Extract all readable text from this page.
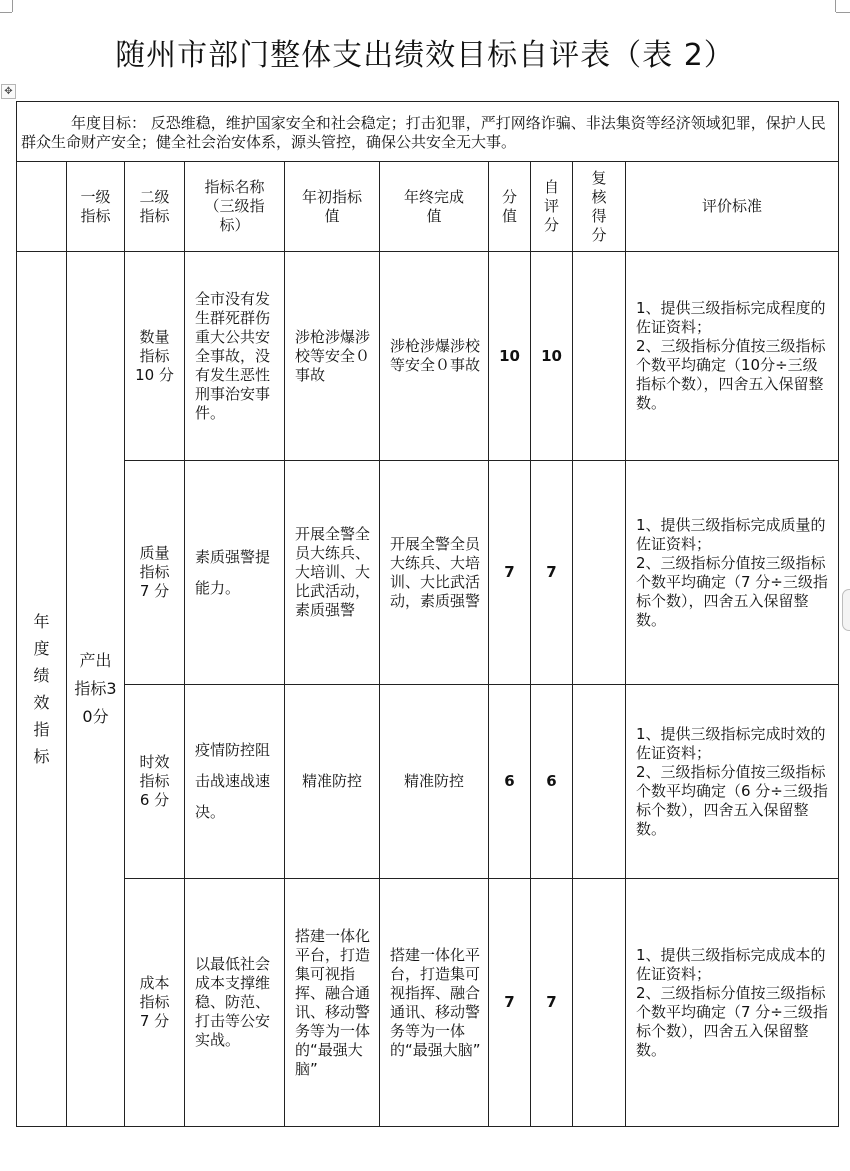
✥
随州市部门整体支出绩效目标自评表（表 2）
年度目标： 反恐维稳，维护国家安全和社会稳定；打击犯罪，严打网络诈骗、非法集资等经济领域犯罪，保护人民群众生命财产安全；健全社会治安体系，源头管控，确保公共安全无大事。									

	一级
指标	二级
指标	指标名称
（三级指
标）	年初指标
值	年终完成
值	分
值	自
评
分	复
核
得
分	评价标准
年度绩效指标	产出指标30分	数量
指标
10 分	全市没有发生群死群伤重大公共安全事故，没有发生恶性刑事治安事件。	涉枪涉爆涉校等安全０事故	涉枪涉爆涉校等安全０事故	10	10		1、提供三级指标完成程度的佐证资料；
2、三级指标分值按三级指标个数平均确定（10分÷三级指标个数），四舍五入保留整数。

		质量
指标
7 分	素质强警提能力。	开展全警全员大练兵、大培训、大比武活动，素质强警	开展全警全员大练兵、大培训、大比武活动，素质强警	7	7		1、提供三级指标完成质量的佐证资料；
2、三级指标分值按三级指标个数平均确定（7 分÷三级指标个数），四舍五入保留整数。

		时效
指标
6 分	疫情防控阻击战速战速决。	精准防控	精准防控	6	6		1、提供三级指标完成时效的佐证资料；
2、三级指标分值按三级指标个数平均确定（6 分÷三级指标个数），四舍五入保留整数。

		成本
指标
7 分	以最低社会成本支撑维稳、防范、打击等公安实战。	搭建一体化平台，打造集可视指挥、融合通讯、移动警务等为一体的“最强大脑”	搭建一体化平台，打造集可视指挥、融合通讯、移动警务等为一体的“最强大脑”	7	7		1、提供三级指标完成成本的佐证资料；
2、三级指标分值按三级指标个数平均确定（7 分÷三级指标个数），四舍五入保留整数。
